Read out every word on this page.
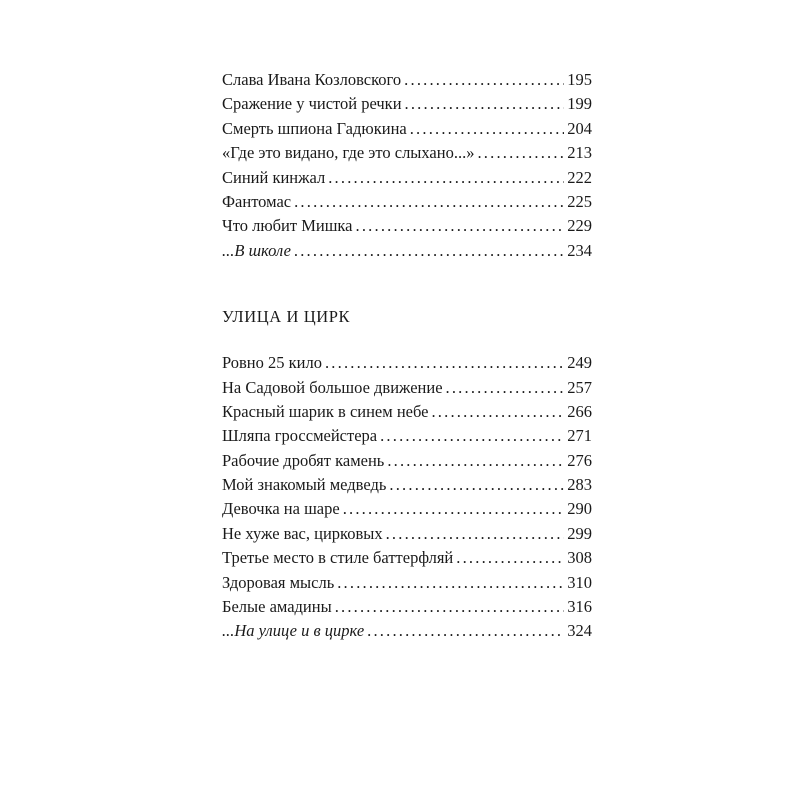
Слава Ивана Козловского .....	195
Сражение у чистой речки .....	199
Смерть шпиона Гадюкина .....	204
«Где это видано, где это слыхано...» .....	213
Синий кинжал .....	222
Фантомас .....	225
Что любит Мишка .....	229
...В школе .....	234
УЛИЦА И ЦИРК
Ровно 25 кило .....	249
На Садовой большое движение .....	257
Красный шарик в синем небе .....	266
Шляпа гроссмейстера .....	271
Рабочие дробят камень .....	276
Мой знакомый медведь .....	283
Девочка на шаре .....	290
Не хуже вас, цирковых .....	299
Третье место в стиле баттерфляй .....	308
Здоровая мысль .....	310
Белые амадины .....	316
...На улице и в цирке .....	324
